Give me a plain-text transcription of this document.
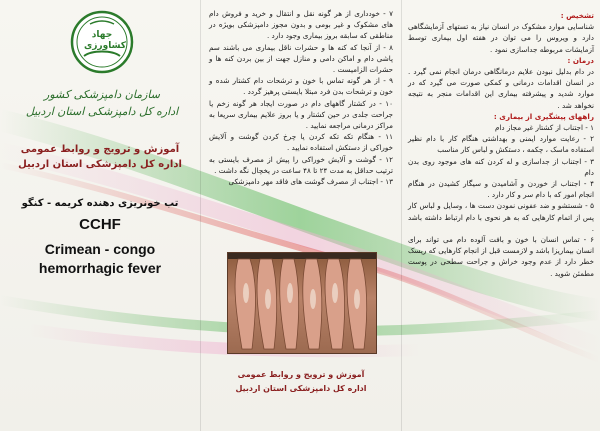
جهاد کشاورزی
سازمان دامپزشکی کشور
اداره کل دامپزشکی استان اردبیل
آموزش و ترویج و روابط عمومی
اداره کل دامپزشکی استان اردبیل
تب خونریزی دهنده کریمه - کنگو
CCHF
Crimean - congo
hemorrhagic fever

۷ - خودداری از هر گونه نقل و انتقال و خرید و فروش دام های مشکوک و غیر بومی و بدون مجوز دامپزشکی بویژه در مناطقی که سابقه بروز بیماری وجود دارد .

۸ - از آنجا که کنه ها و حشرات ناقل بیماری می باشند سم پاشی دام و اماکن دامی و منازل جهت از بین بردن کنه ها و حشرات الزامیست .

۹ - از هر گونه تماس با خون و ترشحات دام کشتار شده و خون و ترشحات بدن فرد مبتلا بایستی پرهیز گردد .

۱۰ - در کشتار گاههای دام در صورت ایجاد هر گونه زخم یا جراحت جلدی در حین کشتار و یا بروز علایم بیماری سریعا به مراکز درمانی مراجعه نمایید .

۱۱ - هنگام تکه تکه کردن یا چرخ کردن گوشت و آلایش خوراکی از دستکش استفاده نمایید .

۱۲ - گوشت و آلایش خوراکی را پیش از مصرف بایستی به ترتیب حداقل به مدت ۲۴ تا ۴۸ ساعت در یخچال نگه داشت .

۱۳ - اجتناب از مصرف گوشت های فاقد مهر دامپزشکی

آموزش و ترویج و روابط عمومی
اداره کل دامپزشکی استان اردبیل
تشخیص :

شناسایی موارد مشکوک در انسان نیاز به تستهای آزمایشگاهی دارد و ویروس را می توان در هفته اول بیماری توسط آزمایشات مربوطه جداسازی نمود .

درمان :

در دام بدلیل نبودن علایم درمانگاهی درمان انجام نمی گیرد . در انسان اقدامات درمانی و کمکی صورت می گیرد که در موارد شدید و پیشرفته بیماری این اقدامات منجر به نتیجه نخواهد شد .

راههای پیشگیری از بیماری :

۱ - اجتناب از کشتار غیر مجاز دام

۲ - رعایت موارد ایمنی و بهداشتی هنگام کار با دام نظیر استفاده ماسک ، چکمه ، دستکش و لباس کار مناسب

۳ - اجتناب از جداسازی و له کردن کنه های موجود روی بدن دام

۴ - اجتناب از خوردن و آشامیدن و سیگار کشیدن در هنگام انجام امور که با دام سر و کار دارد .

۵ - شستشو و ضد عفونی نمودن دست ها ، وسایل و لباس کار پس از اتمام کارهایی که به هر نحوی با دام ارتباط داشته باشد .

۶ - تماس انسان با خون و بافت آلوده دام می تواند برای انسان بیماریزا باشد و لازمست قبل از انجام کارهایی که ریسک خطر دارد از عدم وجود خراش و جراحت سطحی در پوست مطمئن شوید .
